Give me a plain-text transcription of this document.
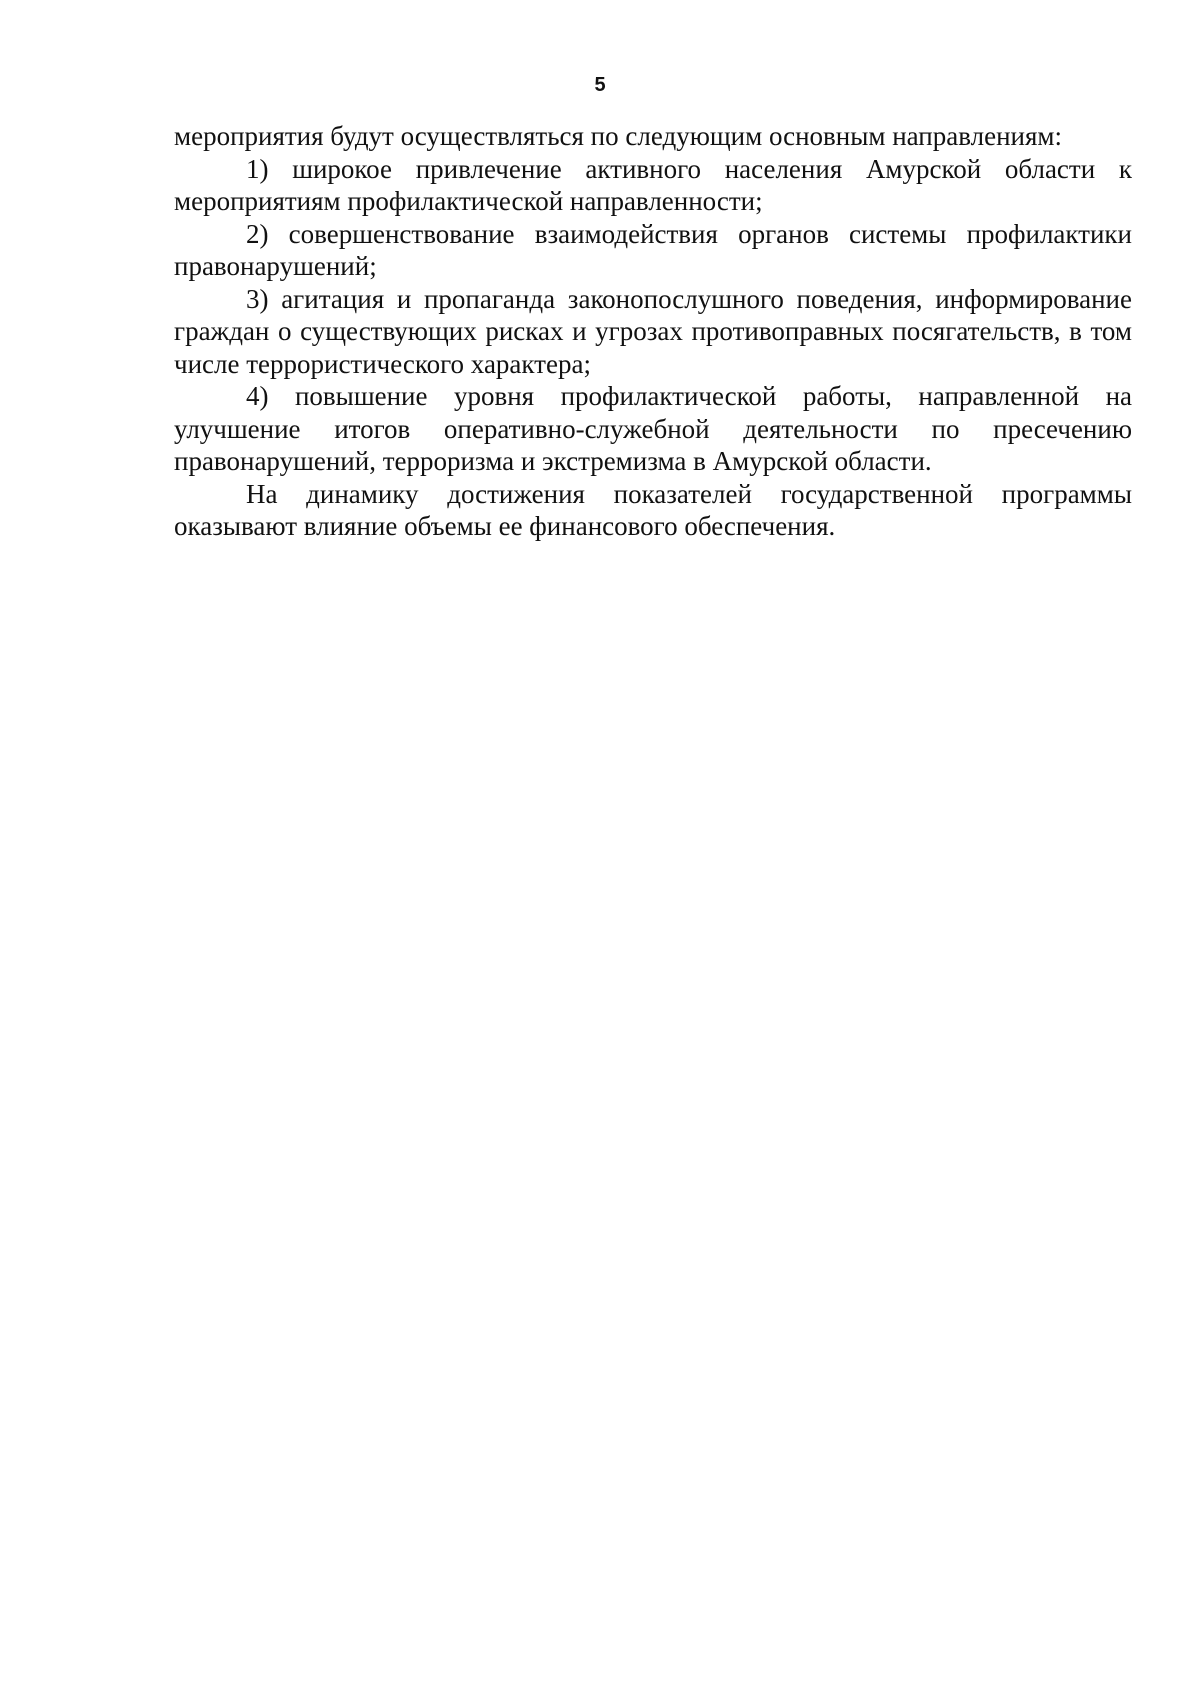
5

мероприятия будут осуществляться по следующим основным направлениям:

1) широкое привлечение активного населения Амурской области к мероприятиям профилактической направленности;

2) совершенствование взаимодействия органов системы профилактики правонарушений;

3) агитация и пропаганда законопослушного поведения, информирование граждан о существующих рисках и угрозах противоправных посягательств, в том числе террористического характера;

4) повышение уровня профилактической работы, направленной на улучшение итогов оперативно-служебной деятельности по пресечению правонарушений, терроризма и экстремизма в Амурской области.

На динамику достижения показателей государственной программы оказывают влияние объемы ее финансового обеспечения.
